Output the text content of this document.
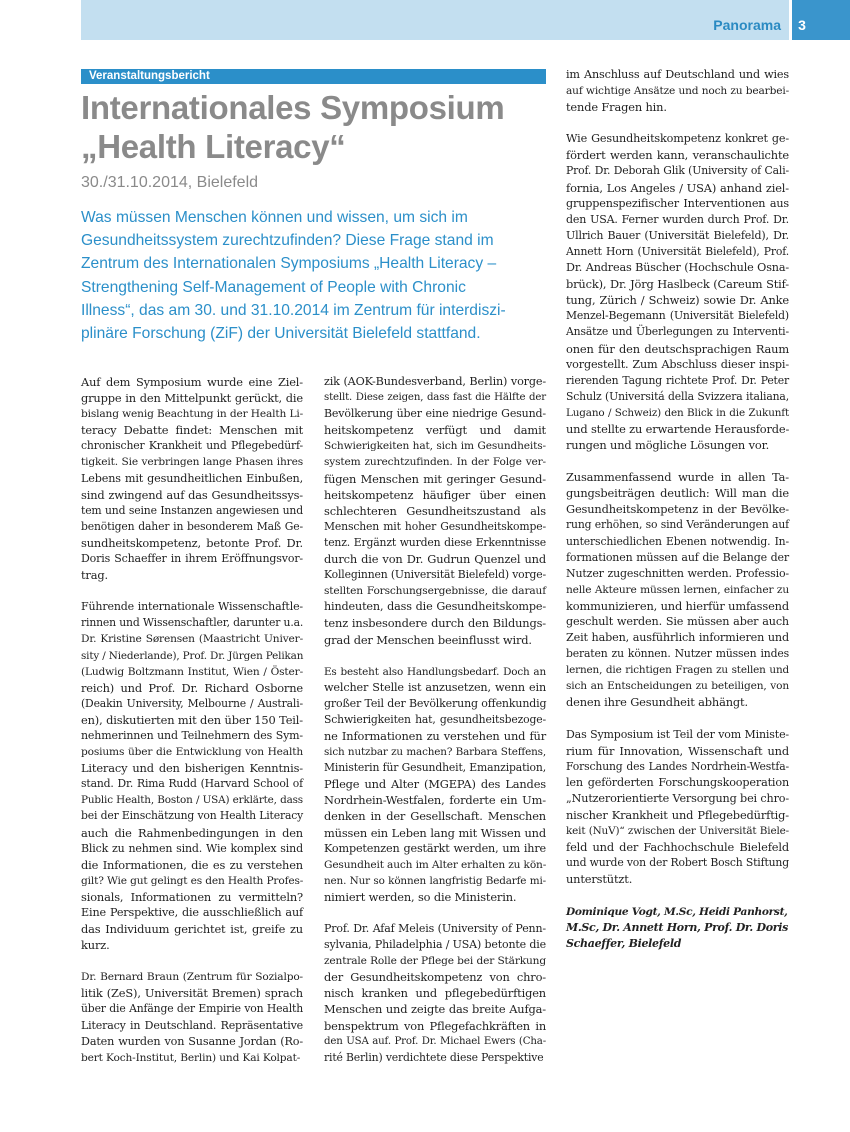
Panorama	3
Veranstaltungsbericht
Internationales Symposium
„Health Literacy“
30./31.10.2014, Bielefeld
Was müssen Menschen können und wissen, um sich im
Gesundheitssystem zurechtzufinden? Diese Frage stand im
Zentrum des Internationalen Symposiums „Health Literacy –
Strengthening Self-Management of People with Chronic
Illness“, das am 30. und 31.10.2014 im Zentrum für interdiszi-
plinäre Forschung (ZiF) der Universität Bielefeld stattfand.
Auf dem Symposium wurde eine Ziel-
gruppe in den Mittelpunkt gerückt, die
bislang wenig Beachtung in der Health Li-
teracy Debatte findet: Menschen mit
chronischer Krankheit und Pflegebedürf-
tigkeit. Sie verbringen lange Phasen ihres
Lebens mit gesundheitlichen Einbußen,
sind zwingend auf das Gesundheitssys-
tem und seine Instanzen angewiesen und
benötigen daher in besonderem Maß Ge-
sundheitskompetenz, betonte Prof. Dr.
Doris Schaeffer in ihrem Eröffnungsvor-
trag.
Führende internationale Wissenschaftle-
rinnen und Wissenschaftler, darunter u.a.
Dr. Kristine Sørensen (Maastricht Univer-
sity / Niederlande), Prof. Dr. Jürgen Pelikan
(Ludwig Boltzmann Institut, Wien / Öster-
reich) und Prof. Dr. Richard Osborne
(Deakin University, Melbourne / Australi-
en), diskutierten mit den über 150 Teil-
nehmerinnen und Teilnehmern des Sym-
posiums über die Entwicklung von Health
Literacy und den bisherigen Kenntnis-
stand. Dr. Rima Rudd (Harvard School of
Public Health, Boston / USA) erklärte, dass
bei der Einschätzung von Health Literacy
auch die Rahmenbedingungen in den
Blick zu nehmen sind. Wie komplex sind
die Informationen, die es zu verstehen
gilt? Wie gut gelingt es den Health Profes-
sionals, Informationen zu vermitteln?
Eine Perspektive, die ausschließlich auf
das Individuum gerichtet ist, greife zu
kurz.
Dr. Bernard Braun (Zentrum für Sozialpo-
litik (ZeS), Universität Bremen) sprach
über die Anfänge der Empirie von Health
Literacy in Deutschland. Repräsentative
Daten wurden von Susanne Jordan (Ro-
bert Koch-Institut, Berlin) und Kai Kolpat-
zik (AOK-Bundesverband, Berlin) vorge-
stellt. Diese zeigen, dass fast die Hälfte der
Bevölkerung über eine niedrige Gesund-
heitskompetenz verfügt und damit
Schwierigkeiten hat, sich im Gesundheits-
system zurechtzufinden. In der Folge ver-
fügen Menschen mit geringer Gesund-
heitskompetenz häufiger über einen
schlechteren Gesundheitszustand als
Menschen mit hoher Gesundheitskompe-
tenz. Ergänzt wurden diese Erkenntnisse
durch die von Dr. Gudrun Quenzel und
Kolleginnen (Universität Bielefeld) vorge-
stellten Forschungsergebnisse, die darauf
hindeuten, dass die Gesundheitskompe-
tenz insbesondere durch den Bildungs-
grad der Menschen beeinflusst wird.
Es besteht also Handlungsbedarf. Doch an
welcher Stelle ist anzusetzen, wenn ein
großer Teil der Bevölkerung offenkundig
Schwierigkeiten hat, gesundheitsbezoge-
ne Informationen zu verstehen und für
sich nutzbar zu machen? Barbara Steffens,
Ministerin für Gesundheit, Emanzipation,
Pflege und Alter (MGEPA) des Landes
Nordrhein-Westfalen, forderte ein Um-
denken in der Gesellschaft. Menschen
müssen ein Leben lang mit Wissen und
Kompetenzen gestärkt werden, um ihre
Gesundheit auch im Alter erhalten zu kön-
nen. Nur so können langfristig Bedarfe mi-
nimiert werden, so die Ministerin.
Prof. Dr. Afaf Meleis (University of Penn-
sylvania, Philadelphia / USA) betonte die
zentrale Rolle der Pflege bei der Stärkung
der Gesundheitskompetenz von chro-
nisch kranken und pflegebedürftigen
Menschen und zeigte das breite Aufga-
benspektrum von Pflegefachkräften in
den USA auf. Prof. Dr. Michael Ewers (Cha-
rité Berlin) verdichtete diese Perspektive
im Anschluss auf Deutschland und wies
auf wichtige Ansätze und noch zu bearbei-
tende Fragen hin.
Wie Gesundheitskompetenz konkret ge-
fördert werden kann, veranschaulichte
Prof. Dr. Deborah Glik (University of Cali-
fornia, Los Angeles / USA) anhand ziel-
gruppenspezifischer Interventionen aus
den USA. Ferner wurden durch Prof. Dr.
Ullrich Bauer (Universität Bielefeld), Dr.
Annett Horn (Universität Bielefeld), Prof.
Dr. Andreas Büscher (Hochschule Osna-
brück), Dr. Jörg Haslbeck (Careum Stif-
tung, Zürich / Schweiz) sowie Dr. Anke
Menzel-Begemann (Universität Bielefeld)
Ansätze und Überlegungen zu Interventi-
onen für den deutschsprachigen Raum
vorgestellt. Zum Abschluss dieser inspi-
rierenden Tagung richtete Prof. Dr. Peter
Schulz (Universitá della Svizzera italiana,
Lugano / Schweiz) den Blick in die Zukunft
und stellte zu erwartende Herausforde-
rungen und mögliche Lösungen vor.
Zusammenfassend wurde in allen Ta-
gungsbeiträgen deutlich: Will man die
Gesundheitskompetenz in der Bevölke-
rung erhöhen, so sind Veränderungen auf
unterschiedlichen Ebenen notwendig. In-
formationen müssen auf die Belange der
Nutzer zugeschnitten werden. Professio-
nelle Akteure müssen lernen, einfacher zu
kommunizieren, und hierfür umfassend
geschult werden. Sie müssen aber auch
Zeit haben, ausführlich informieren und
beraten zu können. Nutzer müssen indes
lernen, die richtigen Fragen zu stellen und
sich an Entscheidungen zu beteiligen, von
denen ihre Gesundheit abhängt.
Das Symposium ist Teil der vom Ministe-
rium für Innovation, Wissenschaft und
Forschung des Landes Nordrhein-Westfa-
len geförderten Forschungskooperation
„Nutzerorientierte Versorgung bei chro-
nischer Krankheit und Pflegebedürftig-
keit (NuV)“ zwischen der Universität Biele-
feld und der Fachhochschule Bielefeld
und wurde von der Robert Bosch Stiftung
unterstützt.
Dominique Vogt, M.Sc, Heidi Panhorst,
M.Sc, Dr. Annett Horn, Prof. Dr. Doris
Schaeffer, Bielefeld
